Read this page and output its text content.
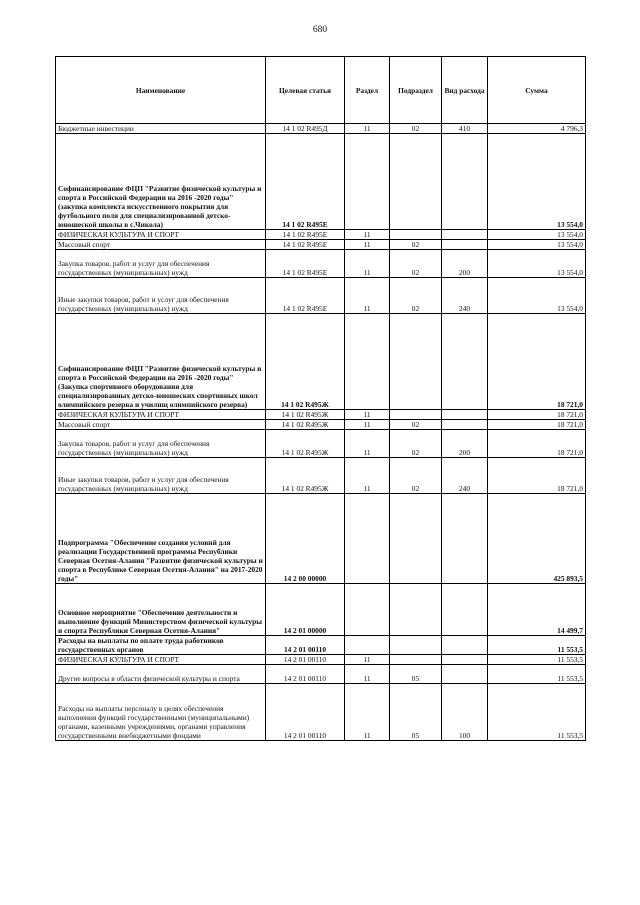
680
Наименование	Целевая статья	Раздел	Подраздел	Вид расхода	Сумма
Бюджетные инвестиции	14 1 02 R495Д	11	02	410	4 796,3
Софинансирование ФЦП "Развитие физической культуры и спорта в Российской Федерации на 2016 -2020 годы" (закупка комплекта искусственного покрытия для футбольного поля для специализированной детско-юношеской школы в с.Чикола)	14 1 02 R495Е				13 554,0
ФИЗИЧЕСКАЯ КУЛЬТУРА И СПОРТ	14 1 02 R495Е	11			13 554,0
Массовый спорт	14 1 02 R495Е	11	02		13 554,0
Закупка товаров, работ и услуг для обеспечения государственных (муниципальных) нужд	14 1 02 R495Е	11	02	200	13 554,0
Иные закупки товаров, работ и услуг для обеспечения государственных (муниципальных) нужд	14 1 02 R495Е	11	02	240	13 554,0
Софинансирование ФЦП "Развитие физической культуры и спорта в Российской Федерации на 2016 -2020 годы" (Закупка спортивного оборудования для специализированных детско-юношеских спортивных школ олимпийского резерва и училищ олимпийского резерва)	14 1 02 R495Ж				18 721,0
ФИЗИЧЕСКАЯ КУЛЬТУРА И СПОРТ	14 1 02 R495Ж	11			18 721,0
Массовый спорт	14 1 02 R495Ж	11	02		18 721,0
Закупка товаров, работ и услуг для обеспечения государственных (муниципальных) нужд	14 1 02 R495Ж	11	02	200	18 721,0
Иные закупки товаров, работ и услуг для обеспечения государственных (муниципальных) нужд	14 1 02 R495Ж	11	02	240	18 721,0
Подпрограмма "Обеспечение создания условий для реализации Государственной программы Республики Северная Осетия-Алания "Развитие физической культуры и спорта в Республике Северная Осетия-Алания" на 2017-2020 годы"	14 2 00 00000				425 893,5
Основное мероприятие "Обеспечение деятельности и выполнение функций Министерством физической культуры и спорта Республики Северная Осетия-Алания"	14 2 01 00000				14 499,7
Расходы на выплаты по оплате труда работников государственных органов	14 2 01 00110				11 553,5
ФИЗИЧЕСКАЯ КУЛЬТУРА И СПОРТ	14 2 01 00110	11			11 553,5
Другие вопросы в области физической культуры и спорта	14 2 01 00110	11	05		11 553,5
Расходы на выплаты персоналу в целях обеспечения выполнения функций государственными (муниципальными) органами, казенными учреждениями, органами управления государственными внебюджетными фондами	14 2 01 00110	11	05	100	11 553,5
